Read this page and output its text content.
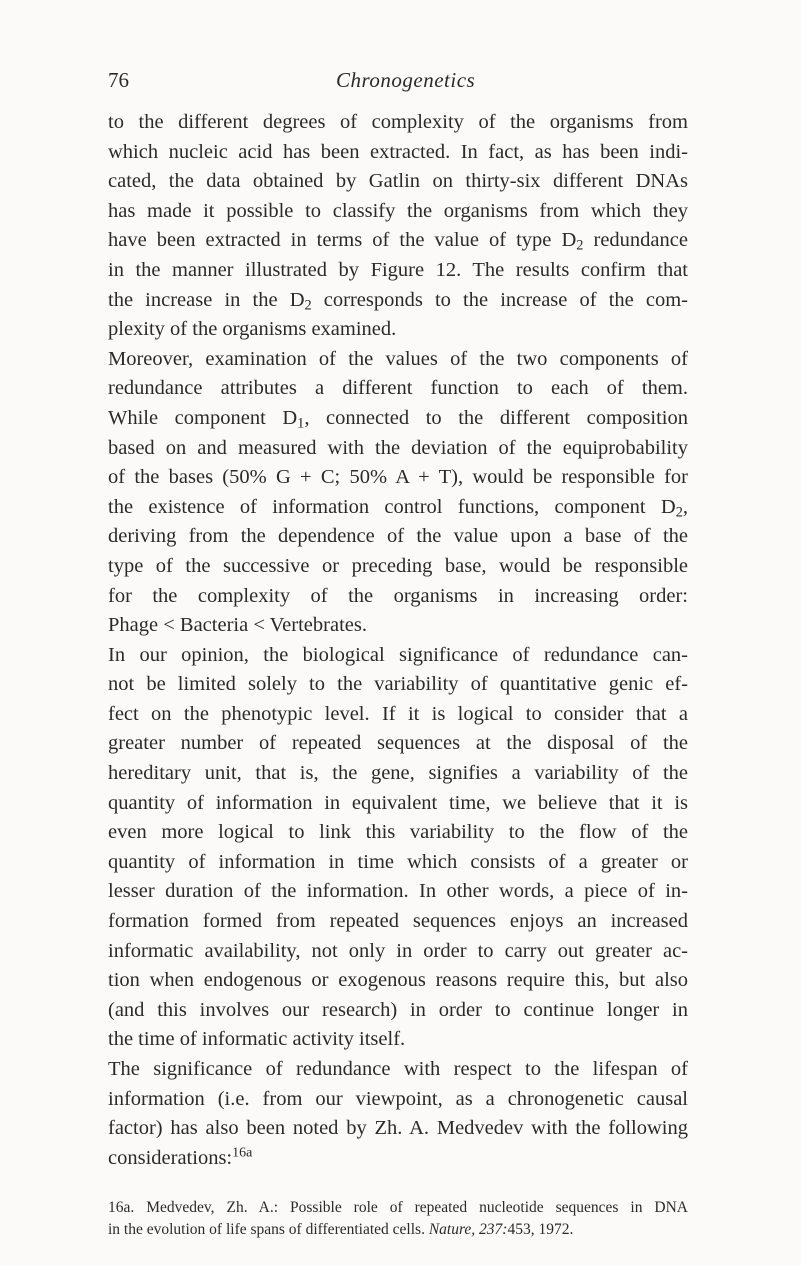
76	Chronogenetics

to the different degrees of complexity of the organisms from
which nucleic acid has been extracted. In fact, as has been indi-
cated, the data obtained by Gatlin on thirty-six different DNAs
has made it possible to classify the organisms from which they
have been extracted in terms of the value of type $D_2$ redundance
in the manner illustrated by Figure 12. The results confirm that
the increase in the $D_2$ corresponds to the increase of the com-
plexity of the organisms examined.

Moreover, examination of the values of the two components of
redundance attributes a different function to each of them.
While component $D_1$, connected to the different composition
based on and measured with the deviation of the equiprobability
of the bases (50% G + C; 50% A + T), would be responsible for
the existence of information control functions, component $D_2$,
deriving from the dependence of the value upon a base of the
type of the successive or preceding base, would be responsible
for the complexity of the organisms in increasing order:
Phage < Bacteria < Vertebrates.

In our opinion, the biological significance of redundance can-
not be limited solely to the variability of quantitative genic ef-
fect on the phenotypic level. If it is logical to consider that a
greater number of repeated sequences at the disposal of the
hereditary unit, that is, the gene, signifies a variability of the
quantity of information in equivalent time, we believe that it is
even more logical to link this variability to the flow of the
quantity of information in time which consists of a greater or
lesser duration of the information. In other words, a piece of in-
formation formed from repeated sequences enjoys an increased
informatic availability, not only in order to carry out greater ac-
tion when endogenous or exogenous reasons require this, but also
(and this involves our research) in order to continue longer in
the time of informatic activity itself.

The significance of redundance with respect to the lifespan of
information (i.e. from our viewpoint, as a chronogenetic causal
factor) has also been noted by Zh. A. Medvedev with the following
considerations:$^{16a}$

16a. Medvedev, Zh. A.: Possible role of repeated nucleotide sequences in DNA
in the evolution of life spans of differentiated cells. Nature, 237:453, 1972.
